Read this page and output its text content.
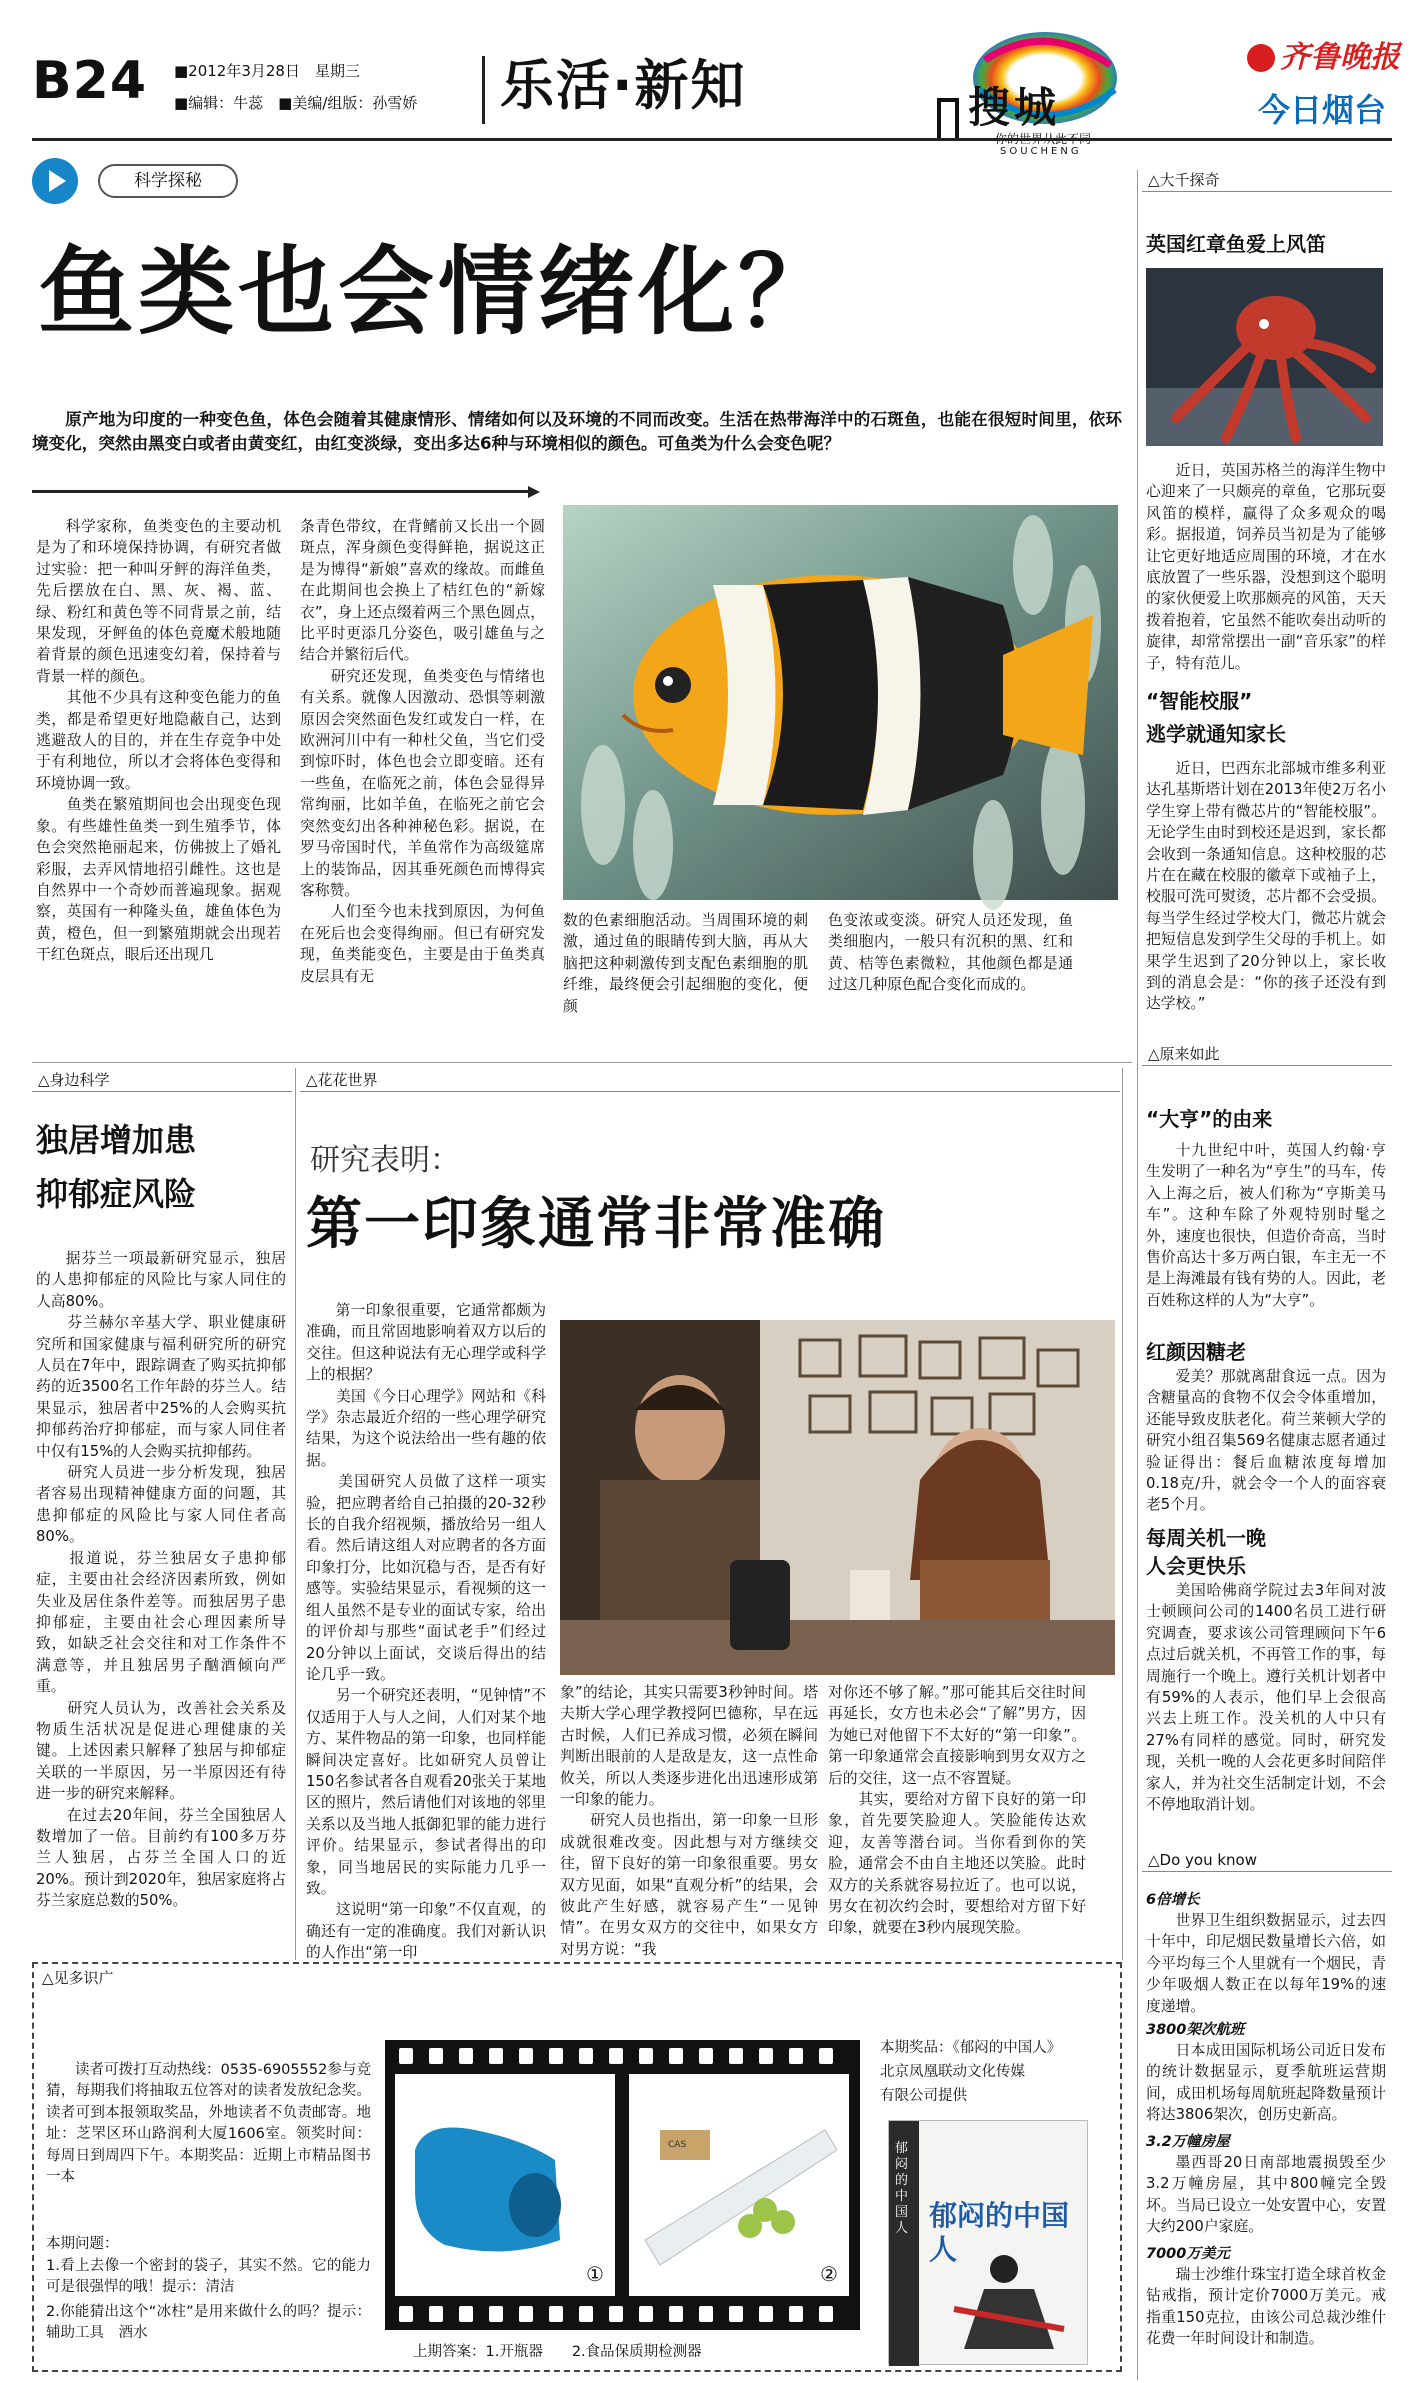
B24 ■2012年3月28日　星期三
■编辑：牛蕊　■美编/组版：孙雪娇 乐活·新知	搜城
SOUCHENG
齐鲁晚报
今日烟台
科学探秘
鱼类也会情绪化？
原产地为印度的一种变色鱼，体色会随着其健康情形、情绪如何以及环境的不同而改变。生活在热带海洋中的石斑鱼，也能在很短时间里，依环境变化，突然由黑变白或者由黄变红，由红变淡绿，变出多达6种与环境相似的颜色。可鱼类为什么会变色呢？
科学家称，鱼类变色的主要动机是为了和环境保持协调，有研究者做过实验：把一种叫牙鲆的海洋鱼类，先后摆放在白、黑、灰、褐、蓝、绿、粉红和黄色等不同背景之前，结果发现，牙鲆鱼的体色竟魔术般地随着背景的颜色迅速变幻着，保持着与背景一样的颜色。
　　其他不少具有这种变色能力的鱼类，都是希望更好地隐蔽自己，达到逃避敌人的目的，并在生存竞争中处于有利地位，所以才会将体色变得和环境协调一致。
　　鱼类在繁殖期间也会出现变色现象。有些雄性鱼类一到生殖季节，体色会突然艳丽起来，仿佛披上了婚礼彩服，去弄风情地招引雌性。这也是自然界中一个奇妙而普遍现象。据观察，英国有一种隆头鱼，雄鱼体色为黄，橙色，但一到繁殖期就会出现若干红色斑点，眼后还出现几
条青色带纹，在背鳍前又长出一个圆斑点，浑身颜色变得鲜艳，据说这正是为博得“新娘”喜欢的缘故。而雌鱼在此期间也会换上了桔红色的“新嫁衣”，身上还点缀着两三个黑色圆点，比平时更添几分姿色，吸引雄鱼与之结合并繁衍后代。
　　研究还发现，鱼类变色与情绪也有关系。就像人因激动、恐惧等刺激原因会突然面色发红或发白一样，在欧洲河川中有一种杜父鱼，当它们受到惊吓时，体色也会立即变暗。还有一些鱼，在临死之前，体色会显得异常绚丽，比如羊鱼，在临死之前它会突然变幻出各种神秘色彩。据说，在罗马帝国时代，羊鱼常作为高级筵席上的装饰品，因其垂死颜色而博得宾客称赞。
　　人们至今也未找到原因，为何鱼在死后也会变得绚丽。但已有研究发现，鱼类能变色，主要是由于鱼类真皮层具有无
数的色素细胞活动。当周围环境的刺激，通过鱼的眼睛传到大脑，再从大脑把这种刺激传到支配色素细胞的肌纤维，最终便会引起细胞的变化，便颜
色变浓或变淡。研究人员还发现，鱼类细胞内，一般只有沉积的黑、红和黄、桔等色素微粒，其他颜色都是通过这几种原色配合变化而成的。
△大千探奇
英国红章鱼爱上风笛
近日，英国苏格兰的海洋生物中心迎来了一只颇亮的章鱼，它那玩耍风笛的模样，赢得了众多观众的喝彩。据报道，饲养员当初是为了能够让它更好地适应周围的环境，才在水底放置了一些乐器，没想到这个聪明的家伙便爱上吹那颇亮的风笛，天天拨着抱着，它虽然不能吹奏出动听的旋律，却常常摆出一副“音乐家”的样子，特有范儿。
“智能校服”
逃学就通知家长
近日，巴西东北部城市维多利亚达孔基斯塔计划在2013年使2万名小学生穿上带有微芯片的“智能校服”。无论学生由时到校还是迟到，家长都会收到一条通知信息。这种校服的芯片在在藏在校服的徽章下或袖子上，校服可洗可熨烫，芯片都不会受损。每当学生经过学校大门，微芯片就会把短信息发到学生父母的手机上。如果学生迟到了20分钟以上，家长收到的消息会是：“你的孩子还没有到达学校。”
△身边科学
独居增加患
抑郁症风险
据芬兰一项最新研究显示，独居的人患抑郁症的风险比与家人同住的人高80%。
　　芬兰赫尔辛基大学、职业健康研究所和国家健康与福利研究所的研究人员在7年中，跟踪调查了购买抗抑郁药的近3500名工作年龄的芬兰人。结果显示，独居者中25%的人会购买抗抑郁药治疗抑郁症，而与家人同住者中仅有15%的人会购买抗抑郁药。
　　研究人员进一步分析发现，独居者容易出现精神健康方面的问题，其患抑郁症的风险比与家人同住者高80%。
　　报道说，芬兰独居女子患抑郁症，主要由社会经济因素所致，例如失业及居住条件差等。而独居男子患抑郁症，主要由社会心理因素所导致，如缺乏社会交往和对工作条件不满意等，并且独居男子酗酒倾向严重。
　　研究人员认为，改善社会关系及物质生活状况是促进心理健康的关键。上述因素只解释了独居与抑郁症关联的一半原因，另一半原因还有待进一步的研究来解释。
　　在过去20年间，芬兰全国独居人数增加了一倍。目前约有100多万芬兰人独居，占芬兰全国人口的近20%。预计到2020年，独居家庭将占芬兰家庭总数的50%。
△花花世界
研究表明：
第一印象通常非常准确
第一印象很重要，它通常都颇为准确，而且常固地影响着双方以后的交往。但这种说法有无心理学或科学上的根据？
　　美国《今日心理学》网站和《科学》杂志最近介绍的一些心理学研究结果，为这个说法给出一些有趣的依据。
　　美国研究人员做了这样一项实验，把应聘者给自己拍摄的20-32秒长的自我介绍视频，播放给另一组人看。然后请这组人对应聘者的各方面印象打分，比如沉稳与否，是否有好感等。实验结果显示，看视频的这一组人虽然不是专业的面试专家，给出的评价却与那些“面试老手”们经过20分钟以上面试，交谈后得出的结论几乎一致。
　　另一个研究还表明，“见钟情”不仅适用于人与人之间，人们对某个地方、某件物品的第一印象，也同样能瞬间决定喜好。比如研究人员曾让150名参试者各自观看20张关于某地区的照片，然后请他们对该地的邻里关系以及当地人抵御犯罪的能力进行评价。结果显示，参试者得出的印象，同当地居民的实际能力几乎一致。
　　这说明“第一印象”不仅直观，的确还有一定的准确度。我们对新认识的人作出“第一印
象”的结论，其实只需要3秒钟时间。塔夫斯大学心理学教授阿巴德称，早在远古时候，人们已养成习惯，必须在瞬间判断出眼前的人是敌是友，这一点性命攸关，所以人类逐步进化出迅速形成第一印象的能力。
　　研究人员也指出，第一印象一旦形成就很难改变。因此想与对方继续交往，留下良好的第一印象很重要。男女双方见面，如果“直观分析”的结果，会彼此产生好感，就容易产生“一见钟情”。在男女双方的交往中，如果女方对男方说：“我
对你还不够了解。”那可能其后交往时间再延长，女方也未必会“了解”男方，因为她已对他留下不太好的“第一印象”。第一印象通常会直接影响到男女双方之后的交往，这一点不容置疑。
　　其实，要给对方留下良好的第一印象，首先要笑脸迎人。笑脸能传达欢迎，友善等潜台词。当你看到你的笑脸，通常会不由自主地还以笑脸。此时双方的关系就容易拉近了。也可以说，男女在初次约会时，要想给对方留下好印象，就要在3秒内展现笑脸。
△原来如此
“大亨”的由来
十九世纪中叶，英国人约翰·亨生发明了一种名为“亨生”的马车，传入上海之后，被人们称为“亨斯美马车”。这种车除了外观特别时髦之外，速度也很快，但造价奇高，当时售价高达十多万两白银，车主无一不是上海滩最有钱有势的人。因此，老百姓称这样的人为“大亨”。
红颜因糖老
爱美？那就离甜食远一点。因为含糖量高的食物不仅会令体重增加，还能导致皮肤老化。荷兰莱顿大学的研究小组召集569名健康志愿者通过验证得出：餐后血糖浓度每增加0.18克/升，就会令一个人的面容衰老5个月。
每周关机一晚
人会更快乐
美国哈佛商学院过去3年间对波士顿顾问公司的1400名员工进行研究调查，要求该公司管理顾问下午6点过后就关机，不再管工作的事，每周施行一个晚上。遵行关机计划者中有59%的人表示，他们早上会很高兴去上班工作。没关机的人中只有27%有同样的感觉。同时，研究发现，关机一晚的人会花更多时间陪伴家人，并为社交生活制定计划，不会不停地取消计划。
△Do you know
6倍增长
世界卫生组织数据显示，过去四十年中，印尼烟民数量增长六倍，如今平均每三个人里就有一个烟民，青少年吸烟人数正在以每年19%的速度递增。
3800架次航班
日本成田国际机场公司近日发布的统计数据显示，夏季航班运营期间，成田机场每周航班起降数量预计将达3806架次，创历史新高。
3.2万幢房屋
墨西哥20日南部地震损毁至少3.2万幢房屋，其中800幢完全毁坏。当局已设立一处安置中心，安置大约200户家庭。
7000万美元
瑞士沙维什珠宝打造全球首枚金钻戒指，预计定价7000万美元。戒指重150克拉，由该公司总裁沙维什花费一年时间设计和制造。
△见多识广
读者可拨打互动热线：0535-6905552参与竞猜，每期我们将抽取五位答对的读者发放纪念奖。读者可到本报领取奖品，外地读者不负责邮寄。地址：芝罘区环山路润利大厦1606室。领奖时间：每周日到周四下午。本期奖品：近期上市精品图书一本
本期问题：
1.看上去像一个密封的袋子，其实不然。它的能力可是很强悍的哦！提示：清洁
2.你能猜出这个“冰柱”是用来做什么的吗？提示：辅助工具　酒水
CAS
①	②
上期答案：1.开瓶器　　2.食品保质期检测器
本期奖品：《郁闷的中国人》
北京凤凰联动文化传媒
有限公司提供
郁闷的中国人 郁闷的中国人
